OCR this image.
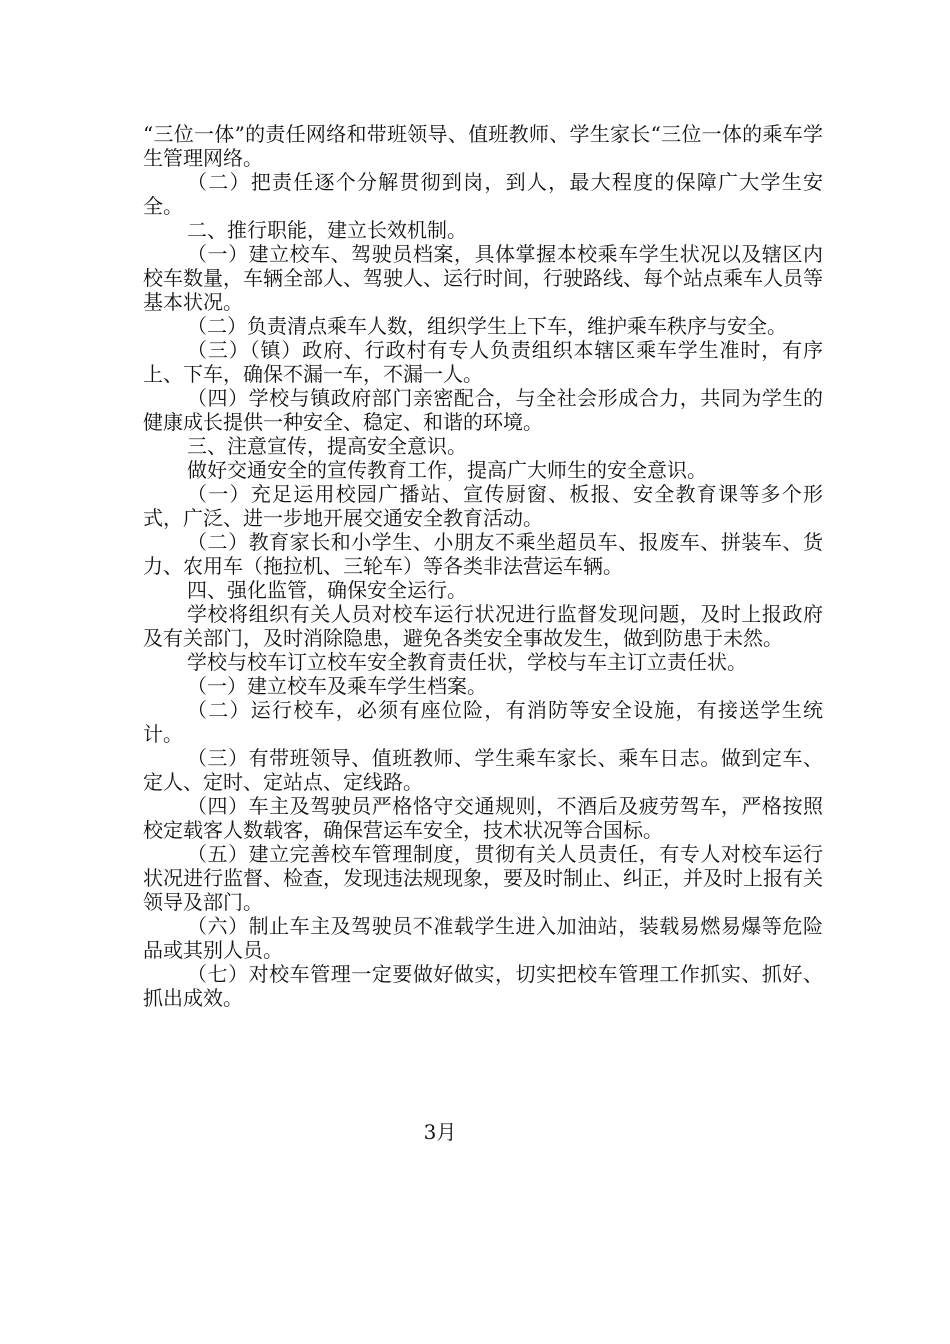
“三位一体”的责任网络和带班领导、值班教师、学生家长“三位一体的乘车学生管理网络。

（二）把责任逐个分解贯彻到岗，到人，最大程度的保障广大学生安全。

二、推行职能，建立长效机制。

（一）建立校车、驾驶员档案，具体掌握本校乘车学生状况以及辖区内校车数量，车辆全部人、驾驶人、运行时间，行驶路线、每个站点乘车人员等基本状况。

（二）负责清点乘车人数，组织学生上下车，维护乘车秩序与安全。

（三）（镇）政府、行政村有专人负责组织本辖区乘车学生准时，有序上、下车，确保不漏一车，不漏一人。

（四）学校与镇政府部门亲密配合，与全社会形成合力，共同为学生的健康成长提供一种安全、稳定、和谐的环境。

三、注意宣传，提高安全意识。

做好交通安全的宣传教育工作，提高广大师生的安全意识。

（一）充足运用校园广播站、宣传厨窗、板报、安全教育课等多个形式，广泛、进一步地开展交通安全教育活动。

（二）教育家长和小学生、小朋友不乘坐超员车、报废车、拼装车、货力、农用车（拖拉机、三轮车）等各类非法营运车辆。

四、强化监管，确保安全运行。

学校将组织有关人员对校车运行状况进行监督发现问题，及时上报政府及有关部门，及时消除隐患，避免各类安全事故发生，做到防患于未然。

学校与校车订立校车安全教育责任状，学校与车主订立责任状。

（一）建立校车及乘车学生档案。

（二）运行校车，必须有座位险，有消防等安全设施，有接送学生统计。

（三）有带班领导、值班教师、学生乘车家长、乘车日志。做到定车、定人、定时、定站点、定线路。

（四）车主及驾驶员严格恪守交通规则，不酒后及疲劳驾车，严格按照校定载客人数载客，确保营运车安全，技术状况等合国标。

（五）建立完善校车管理制度，贯彻有关人员责任，有专人对校车运行状况进行监督、检查，发现违法规现象，要及时制止、纠正，并及时上报有关领导及部门。

（六）制止车主及驾驶员不准载学生进入加油站，装载易燃易爆等危险品或其别人员。

（七）对校车管理一定要做好做实，切实把校车管理工作抓实、抓好、抓出成效。

3月
